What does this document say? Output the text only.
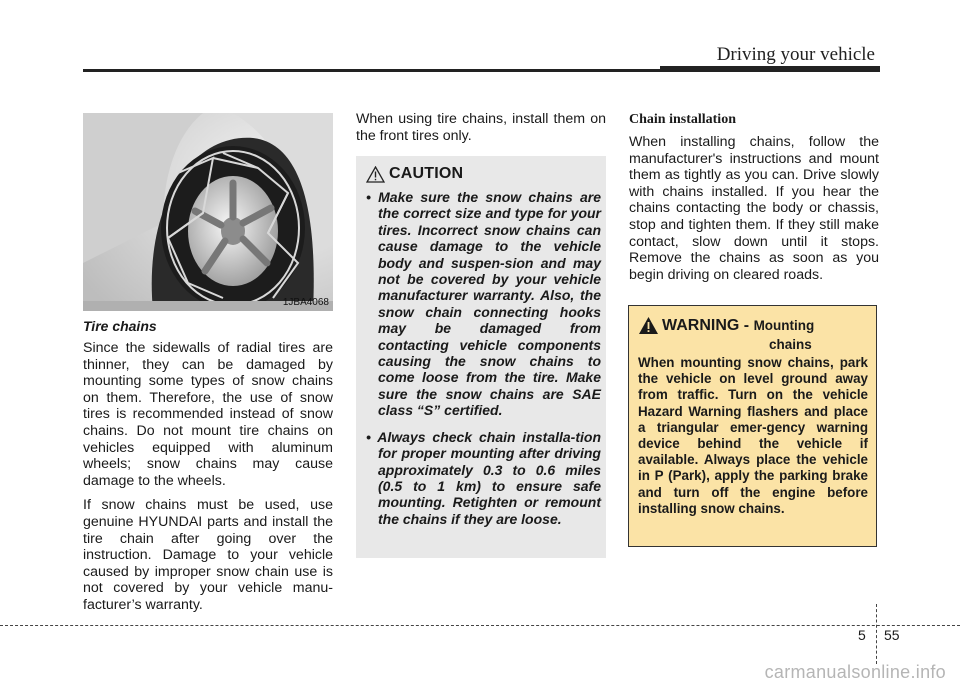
Driving your vehicle
1JBA4068
Tire chains

Since the sidewalls of radial tires are thinner, they can be damaged by mounting some types of snow chains on them. Therefore, the use of snow tires is recommended instead of snow chains. Do not mount tire chains on vehicles equipped with aluminum wheels; snow chains may cause damage to the wheels.

If snow chains must be used, use genuine HYUNDAI parts and install the tire chain after going over the instruction. Damage to your vehicle caused by improper snow chain use is not covered by your vehicle manu-facturer’s warranty.

When using tire chains, install them on the front tires only.

CAUTION
• Make sure the snow chains are the correct size and type for your tires. Incorrect snow chains can cause damage to the vehicle body and suspen-sion and may not be covered by your vehicle manufacturer warranty. Also, the snow chain connecting hooks may be damaged from contacting vehicle components causing the snow chains to come loose from the tire. Make sure the snow chains are SAE class “S” certified.
• Always check chain installa-tion for proper mounting after driving approximately 0.3 to 0.6 miles (0.5 to 1 km) to ensure safe mounting. Retighten or remount the chains if they are loose.
Chain installation

When installing chains, follow the manufacturer's instructions and mount them as tightly as you can. Drive slowly with chains installed. If you hear the chains contacting the body or chassis, stop and tighten them. If they still make contact, slow down until it stops. Remove the chains as soon as you begin driving on cleared roads.

WARNING - Mounting
chains

When mounting snow chains, park the vehicle on level ground away from traffic. Turn on the vehicle Hazard Warning flashers and place a triangular emer-gency warning device behind the vehicle if available. Always place the vehicle in P (Park), apply the parking brake and turn off the engine before installing snow chains.

5 55
carmanualsonline.info
